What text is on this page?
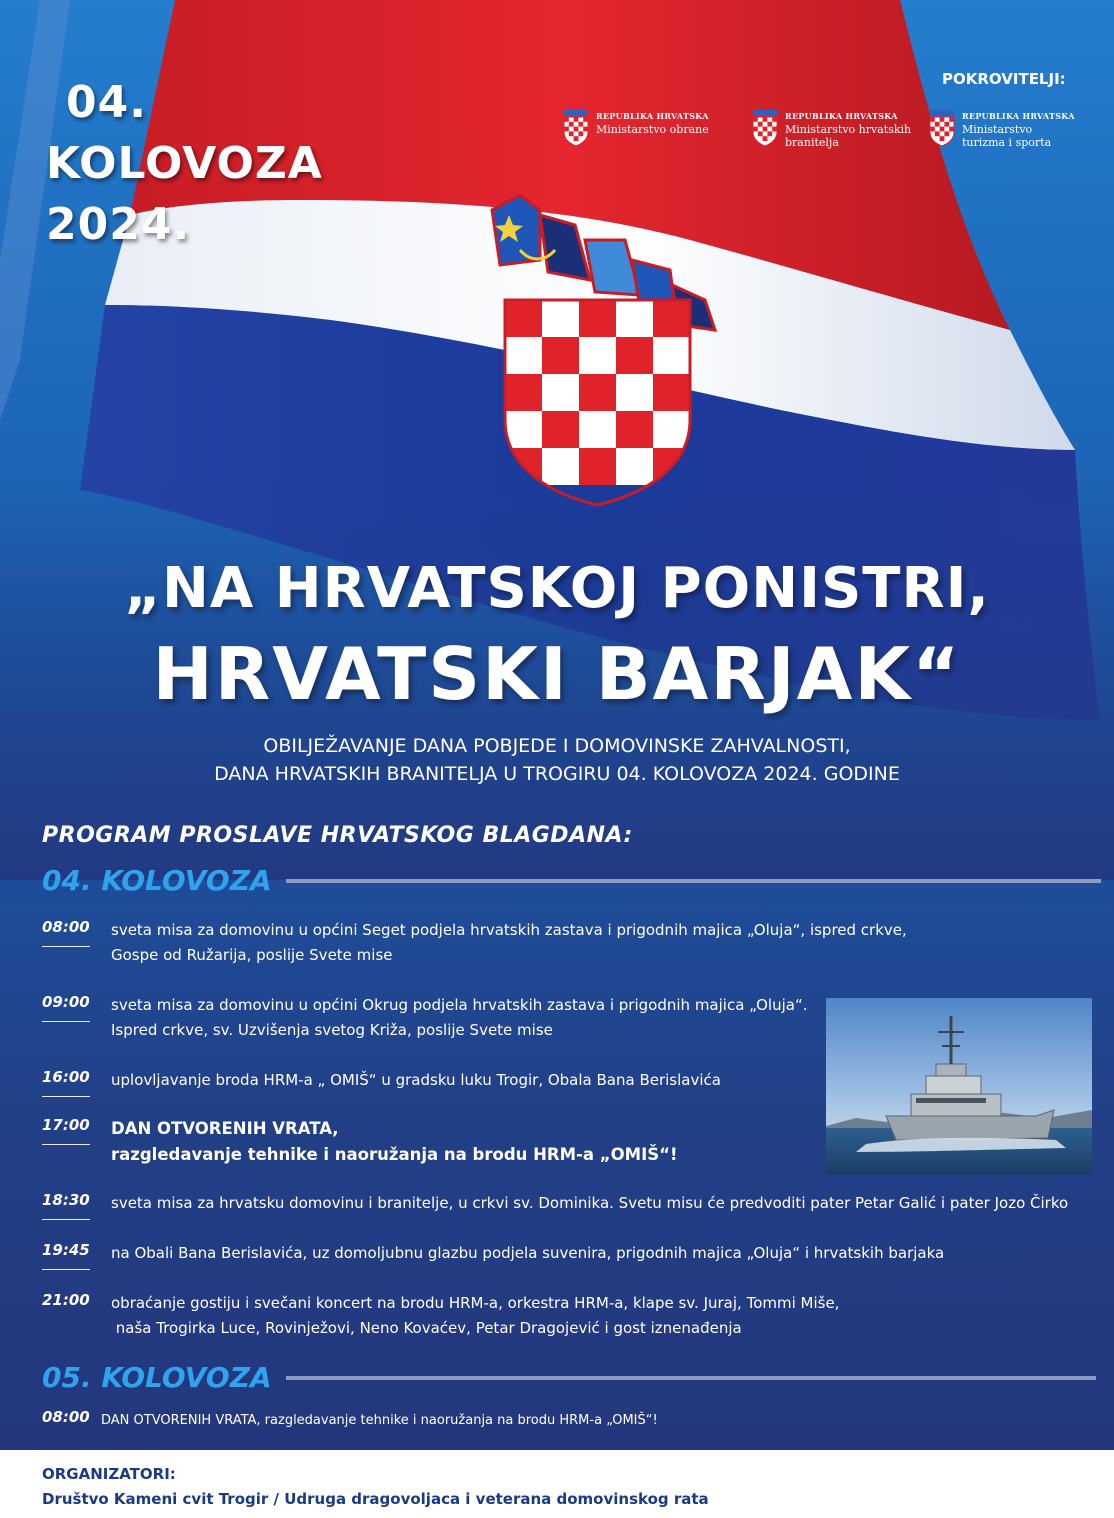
04.
KOLOVOZA
2024.
POKROVITELJI:
REPUBLIKA HRVATSKA
Ministarstvo obrane
REPUBLIKA HRVATSKA
Ministarstvo hrvatskih
branitelja
REPUBLIKA HRVATSKA
Ministarstvo
turizma i sporta
„NA HRVATSKOJ PONISTRI,
HRVATSKI BARJAK“
OBILJEŽAVANJE DANA POBJEDE I DOMOVINSKE ZAHVALNOSTI,
DANA HRVATSKIH BRANITELJA U TROGIRU 04. KOLOVOZA 2024. GODINE
PROGRAM PROSLAVE HRVATSKOG BLAGDANA:
04. KOLOVOZA
08:00 sveta misa za domovinu u općini Seget podjela hrvatskih zastava i prigodnih majica „Oluja“, ispred crkve,
Gospe od Ružarija, poslije Svete mise
09:00 sveta misa za domovinu u općini Okrug podjela hrvatskih zastava i prigodnih majica „Oluja“.
Ispred crkve, sv. Uzvišenja svetog Križa, poslije Svete mise
16:00 uplovljavanje broda HRM-a „ OMIŠ“ u gradsku luku Trogir, Obala Bana Berislavića
17:00 DAN OTVORENIH VRATA,
razgledavanje tehnike i naoružanja na brodu HRM-a „OMIŠ“!
18:30 sveta misa za hrvatsku domovinu i branitelje, u crkvi sv. Dominika. Svetu misu će predvoditi pater Petar Galić i pater Jozo Čirko
19:45 na Obali Bana Berislavića, uz domoljubnu glazbu podjela suvenira, prigodnih majica „Oluja“ i hrvatskih barjaka
21:00 obraćanje gostiju i svečani koncert na brodu HRM-a, orkestra HRM-a, klape sv. Juraj, Tommi Miše,
naša Trogirka Luce, Rovinježovi, Neno Kovaćev, Petar Dragojević i gost iznenađenja
05. KOLOVOZA
08:00 DAN OTVORENIH VRATA, razgledavanje tehnike i naoružanja na brodu HRM-a „OMIŠ“!
ORGANIZATORI:
Društvo Kameni cvit Trogir / Udruga dragovoljaca i veterana domovinskog rata
